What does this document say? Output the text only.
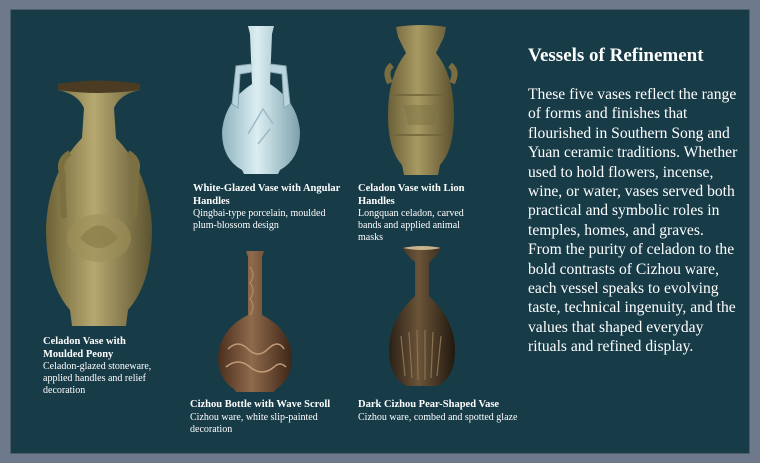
Celadon Vase with Moulded Peony
Celadon-glazed stoneware, applied handles and relief decoration
White-Glazed Vase with Angular Handles
Qingbai-type porcelain, moulded plum-blossom design
Celadon Vase with Lion Handles
Longquan celadon, carved bands and applied animal masks
Cizhou Bottle with Wave Scroll
Cizhou ware, white slip-painted decoration
Dark Cizhou Pear-Shaped Vase
Cizhou ware, combed and spotted glaze
Vessels of Refinement
These five vases reflect the range of forms and finishes that flourished in Southern Song and Yuan ceramic traditions. Whether used to hold flowers, incense, wine, or water, vases served both practical and symbolic roles in temples, homes, and graves. From the purity of celadon to the bold contrasts of Cizhou ware, each vessel speaks to evolving taste, technical ingenuity, and the values that shaped everyday rituals and refined display.
